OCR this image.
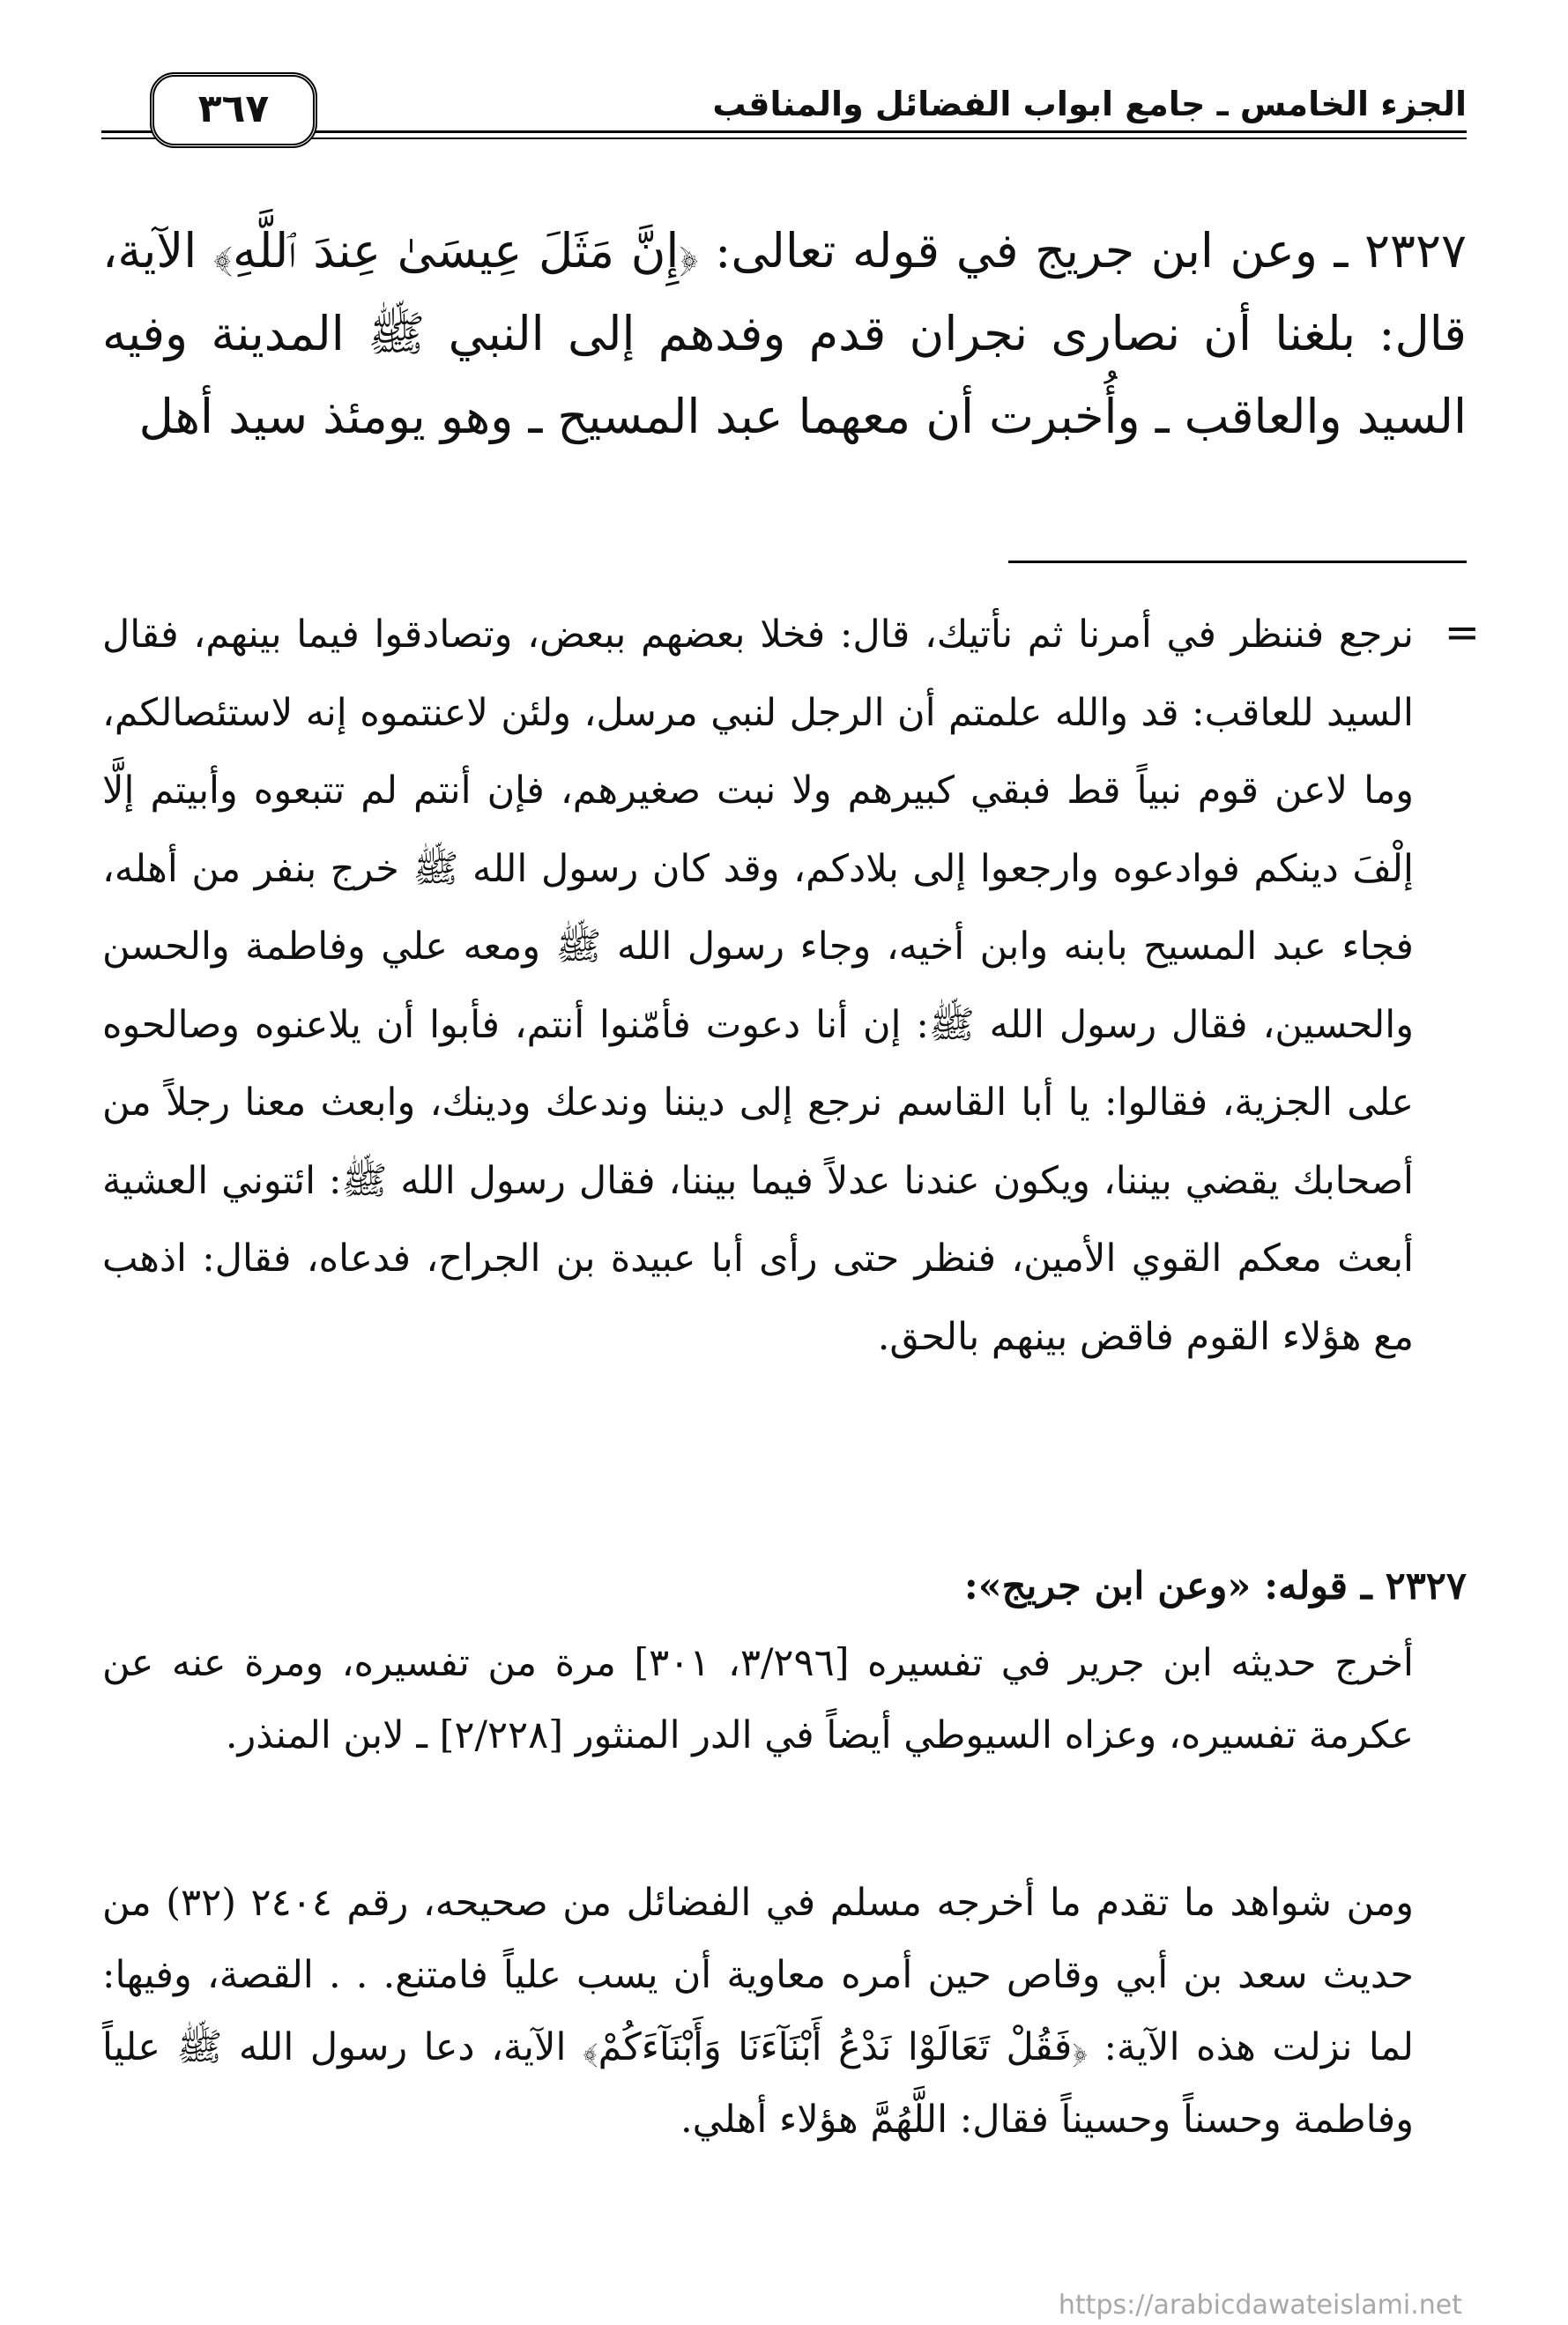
الجزء الخامس ـ جامع ابواب الفضائل والمناقب
٣٦٧
٢٣٢٧ ـ وعن ابن جريج في قوله تعالى: ﴿إِنَّ مَثَلَ عِيسَىٰ عِندَ ٱللَّهِ﴾ الآية، قال: بلغنا أن نصارى نجران قدم وفدهم إلى النبي ﷺ المدينة وفيه السيد والعاقب ـ وأُخبرت أن معهما عبد المسيح ـ وهو يومئذ سيد أهل
=
نرجع فننظر في أمرنا ثم نأتيك، قال: فخلا بعضهم ببعض، وتصادقوا فيما بينهم، فقال السيد للعاقب: قد والله علمتم أن الرجل لنبي مرسل، ولئن لاعنتموه إنه لاستئصالكم، وما لاعن قوم نبياً قط فبقي كبيرهم ولا نبت صغيرهم، فإن أنتم لم تتبعوه وأبيتم إلَّا إلْفَ دينكم فوادعوه وارجعوا إلى بلادكم، وقد كان رسول الله ﷺ خرج بنفر من أهله، فجاء عبد المسيح بابنه وابن أخيه، وجاء رسول الله ﷺ ومعه علي وفاطمة والحسن والحسين، فقال رسول الله ﷺ: إن أنا دعوت فأمّنوا أنتم، فأبوا أن يلاعنوه وصالحوه على الجزية، فقالوا: يا أبا القاسم نرجع إلى ديننا وندعك ودينك، وابعث معنا رجلاً من أصحابك يقضي بيننا، ويكون عندنا عدلاً فيما بيننا، فقال رسول الله ﷺ: ائتوني العشية أبعث معكم القوي الأمين، فنظر حتى رأى أبا عبيدة بن الجراح، فدعاه، فقال: اذهب مع هؤلاء القوم فاقض بينهم بالحق.
٢٣٢٧ ـ قوله: «وعن ابن جريج»:
أخرج حديثه ابن جرير في تفسيره [٣/٢٩٦، ٣٠١] مرة من تفسيره، ومرة عنه عن عكرمة تفسيره، وعزاه السيوطي أيضاً في الدر المنثور [٢/٢٢٨] ـ لابن المنذر.
ومن شواهد ما تقدم ما أخرجه مسلم في الفضائل من صحيحه، رقم ٢٤٠٤ (٣٢) من حديث سعد بن أبي وقاص حين أمره معاوية أن يسب علياً فامتنع. . . القصة، وفيها: لما نزلت هذه الآية: ﴿فَقُلْ تَعَالَوْا نَدْعُ أَبْنَآءَنَا وَأَبْنَآءَكُمْ﴾ الآية، دعا رسول الله ﷺ علياً وفاطمة وحسناً وحسيناً فقال: اللَّهُمَّ هؤلاء أهلي.
https://arabicdawateislami.net
